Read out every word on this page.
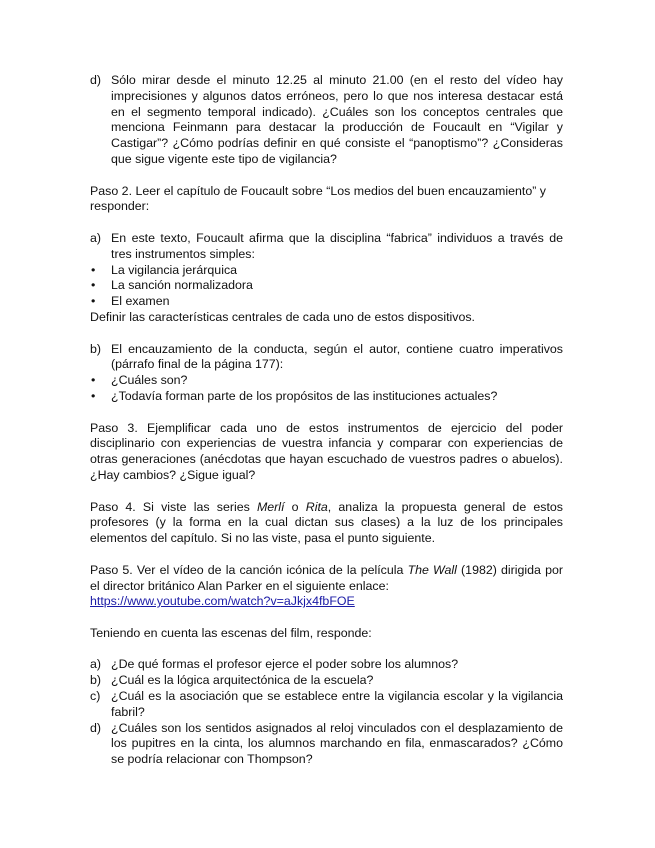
d) Sólo mirar desde el minuto 12.25 al minuto 21.00 (en el resto del vídeo hay imprecisiones y algunos datos erróneos, pero lo que nos interesa destacar está en el segmento temporal indicado). ¿Cuáles son los conceptos centrales que menciona Feinmann para destacar la producción de Foucault en “Vigilar y Castigar”? ¿Cómo podrías definir en qué consiste el “panoptismo”? ¿Consideras que sigue vigente este tipo de vigilancia?

Paso 2. Leer el capítulo de Foucault sobre “Los medios del buen encauzamiento” y responder:

a) En este texto, Foucault afirma que la disciplina “fabrica” individuos a través de tres instrumentos simples:

• La vigilancia jerárquica

• La sanción normalizadora

• El examen

Definir las características centrales de cada uno de estos dispositivos.

b) El encauzamiento de la conducta, según el autor, contiene cuatro imperativos (párrafo final de la página 177):

• ¿Cuáles son?

• ¿Todavía forman parte de los propósitos de las instituciones actuales?

Paso 3. Ejemplificar cada uno de estos instrumentos de ejercicio del poder disciplinario con experiencias de vuestra infancia y comparar con experiencias de otras generaciones (anécdotas que hayan escuchado de vuestros padres o abuelos). ¿Hay cambios? ¿Sigue igual?

Paso 4. Si viste las series Merlí o Rita, analiza la propuesta general de estos profesores (y la forma en la cual dictan sus clases) a la luz de los principales elementos del capítulo. Si no las viste, pasa el punto siguiente.

Paso 5. Ver el vídeo de la canción icónica de la película The Wall (1982) dirigida por el director británico Alan Parker en el siguiente enlace:

https://www.youtube.com/watch?v=aJkjx4fbFOE

Teniendo en cuenta las escenas del film, responde:

a) ¿De qué formas el profesor ejerce el poder sobre los alumnos?

b) ¿Cuál es la lógica arquitectónica de la escuela?

c) ¿Cuál es la asociación que se establece entre la vigilancia escolar y la vigilancia fabril?

d) ¿Cuáles son los sentidos asignados al reloj vinculados con el desplazamiento de los pupitres en la cinta, los alumnos marchando en fila, enmascarados? ¿Cómo se podría relacionar con Thompson?
